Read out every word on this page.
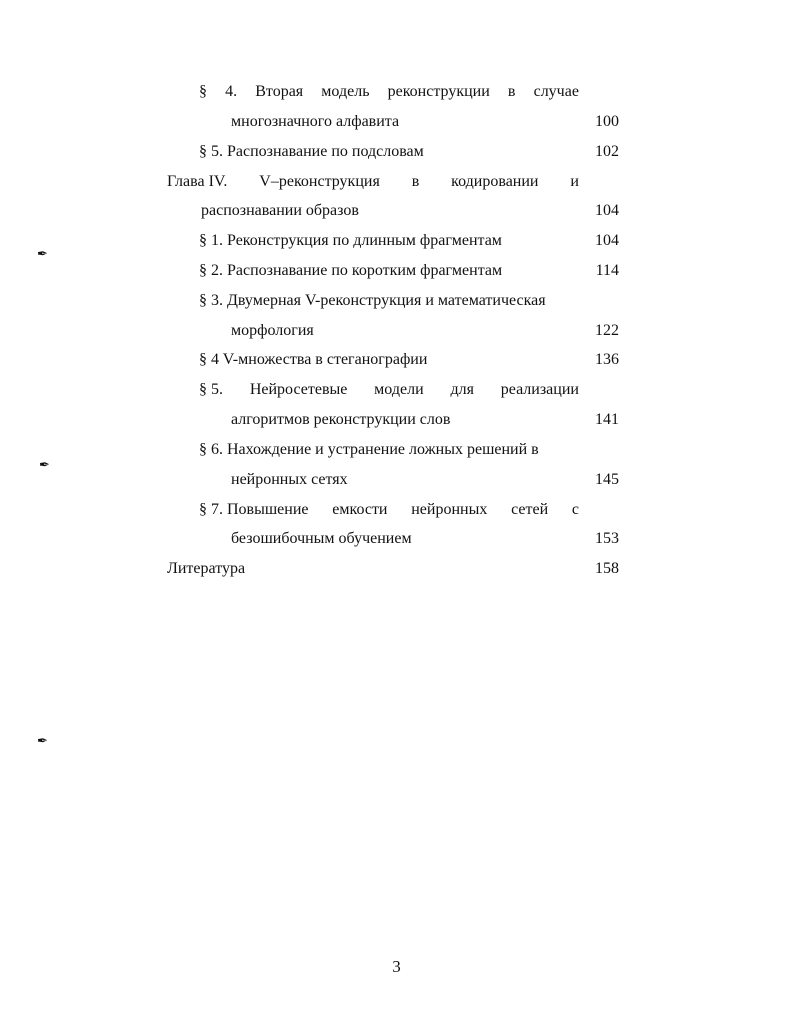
§ 4. Вторая модель реконструкции в случае
многозначного алфавита	100
§ 5. Распознавание по подсловам	102
Глава IV. V–реконструкция в кодировании и
распознавании образов	104
§ 1. Реконструкция по длинным фрагментам	104
§ 2. Распознавание по коротким фрагментам	114
§ 3. Двумерная V-реконструкция и математическая
морфология	122
§ 4 V-множества в стеганографии	136
§ 5. Нейросетевые модели для реализации
алгоритмов реконструкции слов	141
§ 6. Нахождение и устранение ложных решений в
нейронных сетях	145
§ 7. Повышение емкости нейронных сетей с
безошибочным обучением	153
Литература	158
✒
✒
✒
3
